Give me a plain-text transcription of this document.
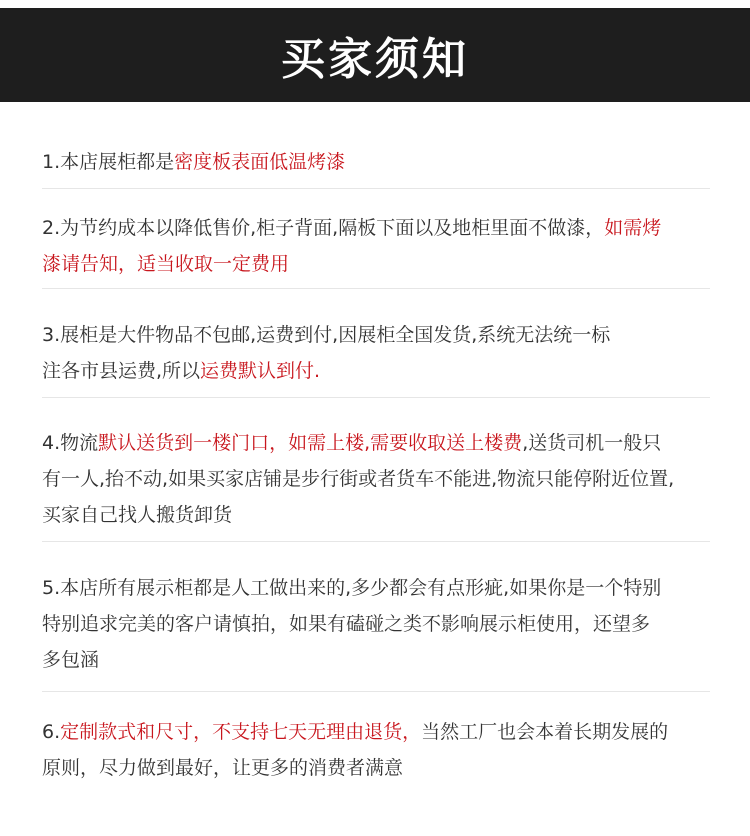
买家须知

1.本店展柜都是密度板表面低温烤漆

2.为节约成本以降低售价,柜子背面,隔板下面以及地柜里面不做漆，如需烤

漆请告知，适当收取一定费用

3.展柜是大件物品不包邮,运费到付,因展柜全国发货,系统无法统一标

注各市县运费,所以运费默认到付.

4.物流默认送货到一楼门口，如需上楼,需要收取送上楼费,送货司机一般只

有一人,抬不动,如果买家店铺是步行街或者货车不能进,物流只能停附近位置,

买家自己找人搬货卸货

5.本店所有展示柜都是人工做出来的,多少都会有点形疵,如果你是一个特别

特别追求完美的客户请慎拍，如果有磕碰之类不影响展示柜使用，还望多

多包涵

6.定制款式和尺寸，不支持七天无理由退货，当然工厂也会本着长期发展的

原则，尽力做到最好，让更多的消费者满意
